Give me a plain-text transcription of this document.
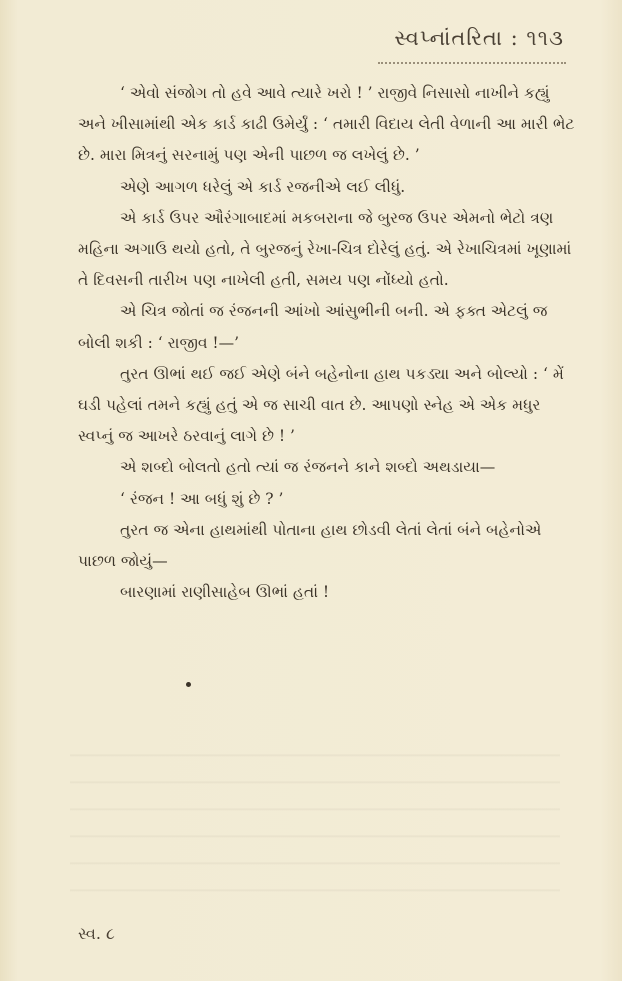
સ્વપ્નાંતરિતા : ૧૧૩

‘ એવો સંજોગ તો હવે આવે ત્યારે ખરો ! ’ રાજીવે નિસાસો નાખીને કહ્યું અને ખીસામાંથી એક કાર્ડ કાઢી ઉમેર્યું : ‘ તમારી વિદાય લેતી વેળાની આ મારી ભેટ છે. મારા મિત્રનું સરનામું પણ એની પાછળ જ લખેલું છે. ’

એણે આગળ ધરેલું એ કાર્ડ રજનીએ લઈ લીધું.

એ કાર્ડ ઉપર ઔરંગાબાદમાં મકબરાના જે બુરજ ઉપર એમનો ભેટો ત્રણ મહિના અગાઉ થયો હતો, તે બુરજનું રેખા-ચિત્ર દોરેલું હતું. એ રેખાચિત્રમાં ખૂણામાં તે દિવસની તારીખ પણ નાખેલી હતી, સમય પણ નોંધ્યો હતો.

એ ચિત્ર જોતાં જ રંજનની આંખો આંસુભીની બની. એ ફક્ત એટલું જ બોલી શકી : ‘ રાજીવ !—’

તુરત ઊભાં થઈ જઈ એણે બંને બહેનોના હાથ પકડ્યા અને બોલ્યો : ‘ મેં ઘડી પહેલાં તમને કહ્યું હતું એ જ સાચી વાત છે. આપણો સ્નેહ એ એક મધુર સ્વપ્નું જ આખરે ઠરવાનું લાગે છે ! ’

એ શબ્દો બોલતો હતો ત્યાં જ રંજનને કાને શબ્દો અથડાયા—

‘ રંજન ! આ બધું શું છે ? ’

તુરત જ એના હાથમાંથી પોતાના હાથ છોડવી લેતાં લેતાં બંને બહેનોએ પાછળ જોયું—

બારણામાં રાણીસાહેબ ઊભાં હતાં !

સ્વ. ૮
